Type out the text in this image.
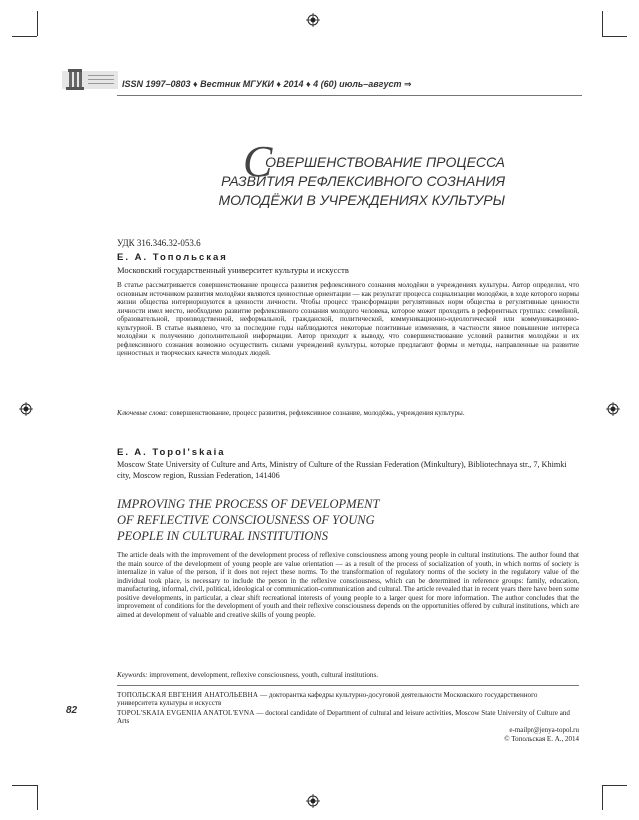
ISSN 1997–0803 ♦ Вестник МГУКИ ♦ 2014 ♦ 4 (60) июль–август ⇒
С
ОВЕРШЕНСТВОВАНИЕ ПРОЦЕССА
РАЗВИТИЯ РЕФЛЕКСИВНОГО СОЗНАНИЯ
МОЛОДЁЖИ В УЧРЕЖДЕНИЯХ КУЛЬТУРЫ
УДК 316.346.32-053.6
Е. А. Топольская
Московский государственный университет культуры и искусств
В статье рассматривается совершенствование процесса развития рефлексивного сознания молодёжи в учреждениях культуры. Автор определил, что основным источником развития молодёжи являются ценностные ориентации — как результат процесса социализации молодёжи, в ходе которого нормы жизни общества интериоризуются в ценности личности. Чтобы процесс трансформации регулятивных норм общества в регулятивные ценности личности имел место, необходимо развитие рефлексивного сознания молодого человека, которое может проходить в референтных группах: семейной, образовательной, производственной, неформальной, гражданской, политической, коммуникационно-идеологической или коммуникационно-культурной. В статье выявлено, что за последние годы наблюдаются некоторые позитивные изменения, в частности явное повышение интереса молодёжи к получению дополнительной информации. Автор приходит к выводу, что совершенствование условий развития молодёжи и их рефлексивного сознания возможно осуществить силами учреждений культуры, которые предлагают формы и методы, направленные на развитие ценностных и творческих качеств молодых людей.
Ключевые слова: совершенствование, процесс развития, рефлексивное сознание, молодёжь, учреждения культуры.
E. A. Topol'skaia
Moscow State University of Culture and Arts, Ministry of Culture of the Russian Federation (Minkultury), Bibliotechnaya str., 7, Khimki city, Moscow region, Russian Federation, 141406
IMPROVING THE PROCESS OF DEVELOPMENT
OF REFLECTIVE CONSCIOUSNESS OF YOUNG
PEOPLE IN CULTURAL INSTITUTIONS
The article deals with the improvement of the development process of reflexive consciousness among young people in cultural institutions. The author found that the main source of the development of young people are value orientation — as a result of the process of socialization of youth, in which norms of society is internalize in value of the person, if it does not reject these norms. To the transformation of regulatory norms of the society in the regulatory value of the individual took place, is necessary to include the person in the reflexive consciousness, which can be determined in reference groups: family, education, manufacturing, informal, civil, political, ideological or communication-communication and cultural. The article revealed that in recent years there have been some positive developments, in particular, a clear shift recreational interests of young people to a larger quest for more information. The author concludes that the improvement of conditions for the development of youth and their reflexive consciousness depends on the opportunities offered by cultural institutions, which are aimed at development of valuable and creative skills of young people.
Keywords: improvement, development, reflexive consciousness, youth, cultural institutions.
82
ТОПОЛЬСКАЯ ЕВГЕНИЯ АНАТОЛЬЕВНА — докторантка кафедры культурно-досуговой деятельности Московского государственного университета культуры и искусств
TOPOL'SKAIA EVGENIIA ANATOL'EVNA — doctoral candidate of Department of cultural and leisure activities, Moscow State University of Culture and Arts
e-mailpr@jenya-topol.ru
© Топольская Е. А., 2014
